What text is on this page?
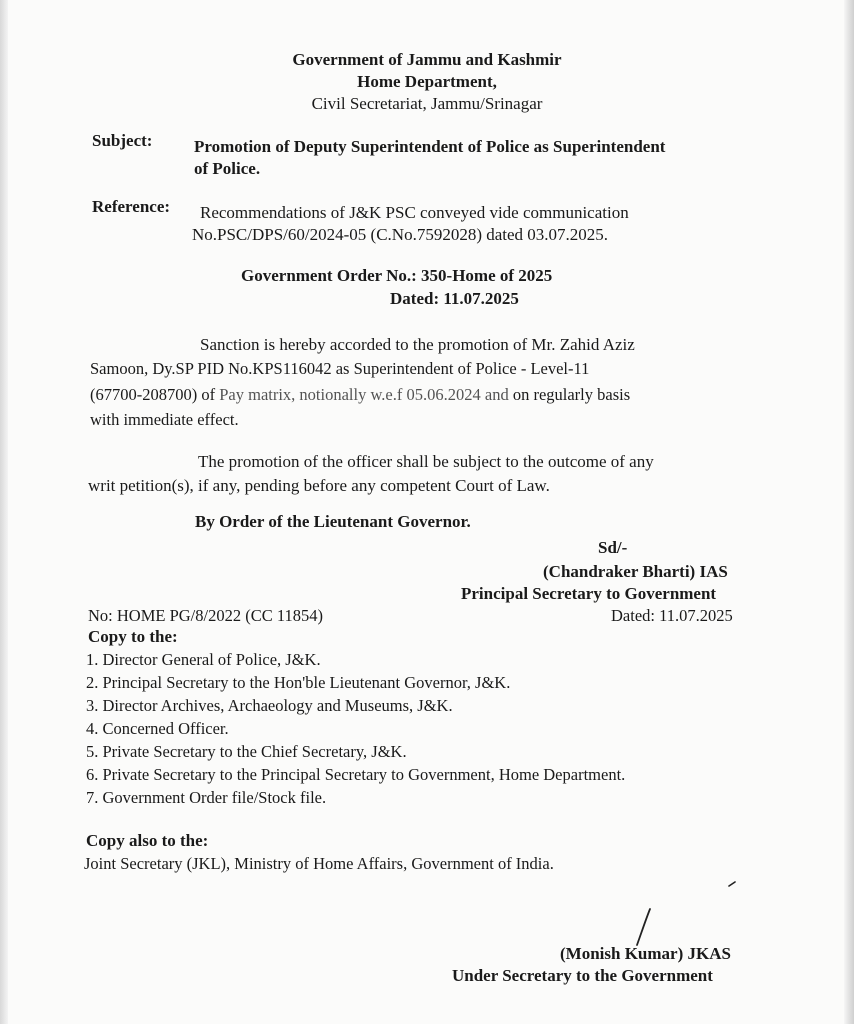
Government of Jammu and Kashmir
Home Department,
Civil Secretariat, Jammu/Srinagar
Subject: Promotion of Deputy Superintendent of Police as Superintendent
of Police.
Reference: Recommendations of J&K PSC conveyed vide communication
No.PSC/DPS/60/2024-05 (C.No.7592028) dated 03.07.2025.
Government Order No.: 350-Home of 2025
Dated: 11.07.2025
Sanction is hereby accorded to the promotion of Mr. Zahid Aziz
Samoon, Dy.SP PID No.KPS116042 as Superintendent of Police - Level-11
(67700-208700) of Pay matrix, notionally w.e.f 05.06.2024 and on regularly basis
with immediate effect.
The promotion of the officer shall be subject to the outcome of any
writ petition(s), if any, pending before any competent Court of Law.
By Order of the Lieutenant Governor.
Sd/-
(Chandraker Bharti) IAS
Principal Secretary to Government
No: HOME PG/8/2022 (CC 11854)	Dated: 11.07.2025
Copy to the:
1. Director General of Police, J&K.
2. Principal Secretary to the Hon'ble Lieutenant Governor, J&K.
3. Director Archives, Archaeology and Museums, J&K.
4. Concerned Officer.
5. Private Secretary to the Chief Secretary, J&K.
6. Private Secretary to the Principal Secretary to Government, Home Department.
7. Government Order file/Stock file.
Copy also to the:
Joint Secretary (JKL), Ministry of Home Affairs, Government of India.
(Monish Kumar) JKAS
Under Secretary to the Government
